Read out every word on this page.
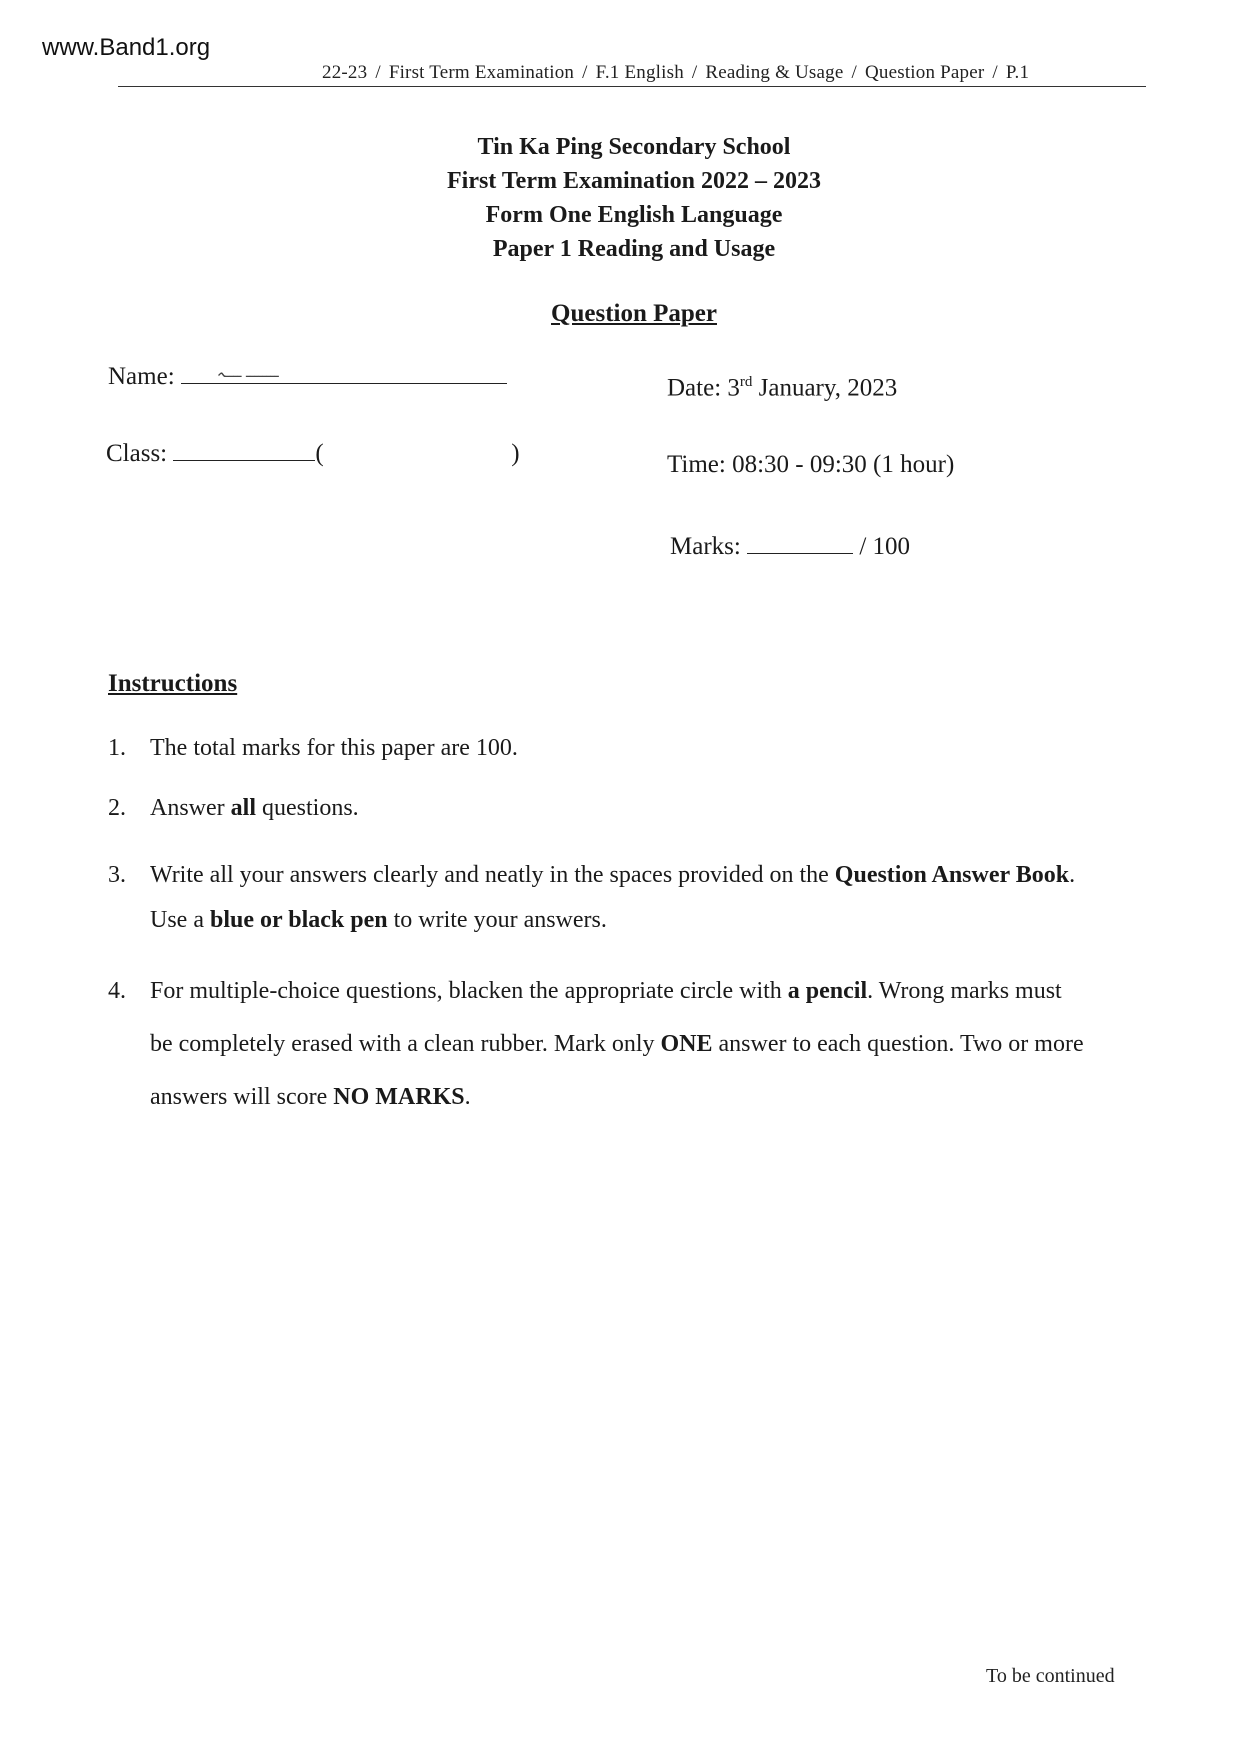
www.Band1.org
22-23 / First Term Examination / F.1 English / Reading & Usage / Question Paper / P.1
Tin Ka Ping Secondary School
First Term Examination 2022 – 2023
Form One English Language
Paper 1 Reading and Usage
Question Paper
Name:	ــــــــ ــــہ
Class:	(	)
Date: 3rd January, 2023
Time: 08:30 - 09:30 (1 hour)
Marks:	/ 100
Instructions
1. The total marks for this paper are 100.
2. Answer all questions.
3. Write all your answers clearly and neatly in the spaces provided on the Question Answer Book.
Use a blue or black pen to write your answers.
4. For multiple-choice questions, blacken the appropriate circle with a pencil. Wrong marks must
be completely erased with a clean rubber. Mark only ONE answer to each question. Two or more
answers will score NO MARKS.
To be continued
